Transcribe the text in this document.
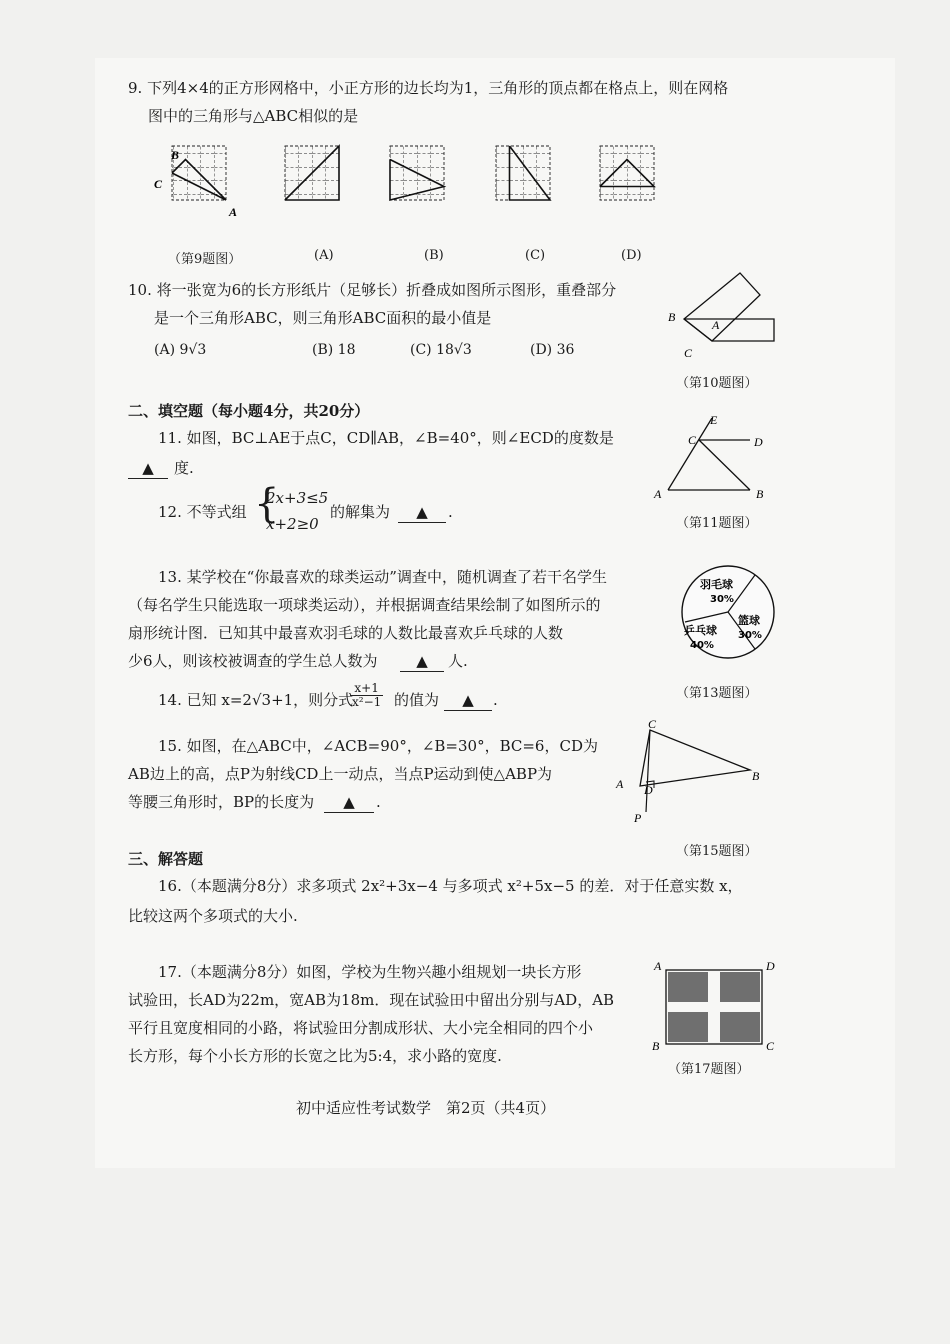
9. 下列4×4的正方形网格中，小正方形的边长均为1，三角形的顶点都在格点上，则在网格
图中的三角形与△ABC相似的是
B
C
A
（第9题图）	(A)	(B)	(C)	(D)
10. 将一张宽为6的长方形纸片（足够长）折叠成如图所示图形，重叠部分
是一个三角形ABC，则三角形ABC面积的最小值是
(A) 9√3	(B) 18	(C) 18√3	(D) 36
B
A
C
（第10题图）
二、填空题（每小题4分，共20分）
11. 如图，BC⊥AE于点C，CD∥AB，∠B=40°，则∠ECD的度数是
▲	度.
E
C	D
A	B
（第11题图）
12. 不等式组 {
2x+3≤5
x+2≥0
的解集为	▲	.
13. 某学校在“你最喜欢的球类运动”调查中，随机调查了若干名学生
（每名学生只能选取一项球类运动），并根据调查结果绘制了如图所示的
扇形统计图．已知其中最喜欢羽毛球的人数比最喜欢乒乓球的人数
少6人，则该校被调查的学生总人数为	▲	人.
羽毛球
30%
篮球
30%
乒乓球
40%
（第13题图）
14. 已知 x=2√3+1，则分式
$\frac{x+1}{\text{x²−1}}$ 的值为	▲	.
15. 如图，在△ABC中，∠ACB=90°，∠B=30°，BC=6，CD为
AB边上的高，点P为射线CD上一动点，当点P运动到使△ABP为
等腰三角形时，BP的长度为	▲	.
C
A D
B
P
（第15题图）
三、解答题
16.（本题满分8分）求多项式 2x²+3x−4 与多项式 x²+5x−5 的差．对于任意实数 x，
比较这两个多项式的大小.
17.（本题满分8分）如图，学校为生物兴趣小组规划一块长方形
试验田，长AD为22m，宽AB为18m．现在试验田中留出分别与AD，AB
平行且宽度相同的小路，将试验田分割成形状、大小完全相同的四个小
长方形，每个小长方形的长宽之比为5:4，求小路的宽度.
A	D
B	C
（第17题图）
初中适应性考试数学　第2页（共4页）
